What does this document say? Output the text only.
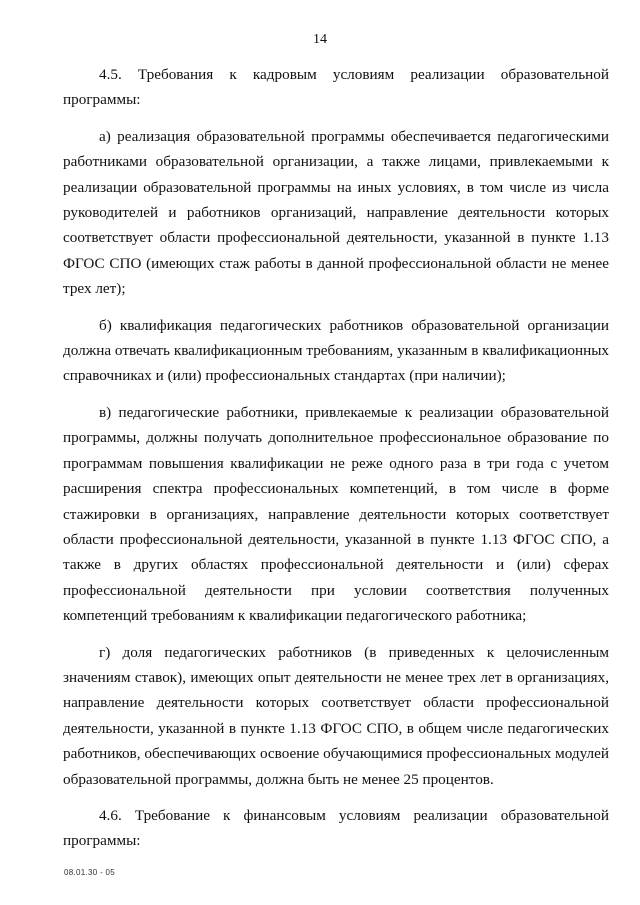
14

4.5. Требования к кадровым условиям реализации образовательной программы:

а) реализация образовательной программы обеспечивается педагогическими работниками образовательной организации, а также лицами, привлекаемыми к реализации образовательной программы на иных условиях, в том числе из числа руководителей и работников организаций, направление деятельности которых соответствует области профессиональной деятельности, указанной в пункте 1.13 ФГОС СПО (имеющих стаж работы в данной профессиональной области не менее трех лет);

б) квалификация педагогических работников образовательной организации должна отвечать квалификационным требованиям, указанным в квалификационных справочниках и (или) профессиональных стандартах (при наличии);

в) педагогические работники, привлекаемые к реализации образовательной программы, должны получать дополнительное профессиональное образование по программам повышения квалификации не реже одного раза в три года с учетом расширения спектра профессиональных компетенций, в том числе в форме стажировки в организациях, направление деятельности которых соответствует области профессиональной деятельности, указанной в пункте 1.13 ФГОС СПО, а также в других областях профессиональной деятельности и (или) сферах профессиональной деятельности при условии соответствия полученных компетенций требованиям к квалификации педагогического работника;

г) доля педагогических работников (в приведенных к целочисленным значениям ставок), имеющих опыт деятельности не менее трех лет в организациях, направление деятельности которых соответствует области профессиональной деятельности, указанной в пункте 1.13 ФГОС СПО, в общем числе педагогических работников, обеспечивающих освоение обучающимися профессиональных модулей образовательной программы, должна быть не менее 25 процентов.

4.6. Требование к финансовым условиям реализации образовательной программы:

08.01.30 - 05
